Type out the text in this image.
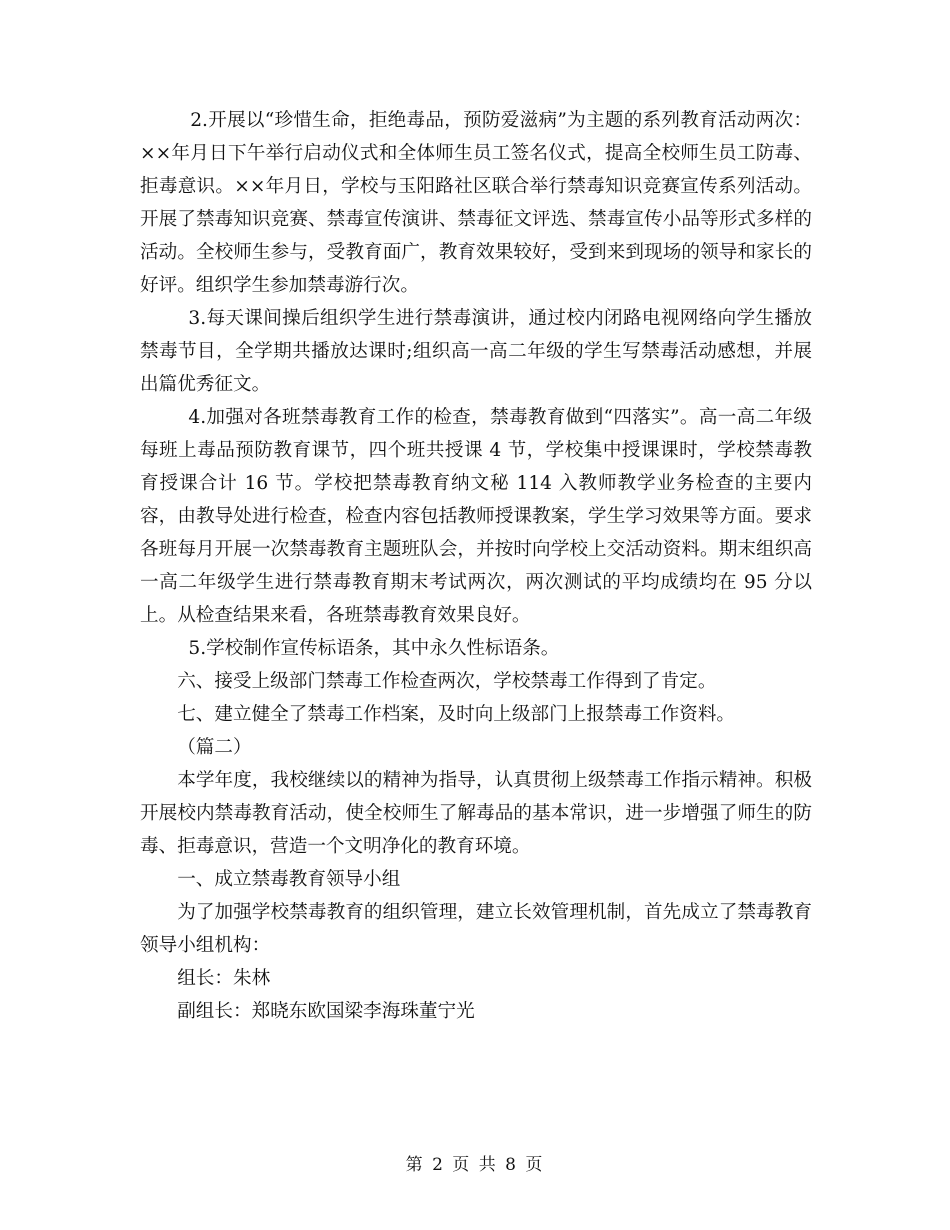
2.开展以“珍惜生命，拒绝毒品，预防爱滋病”为主题的系列教育活动两次：××年月日下午举行启动仪式和全体师生员工签名仪式，提高全校师生员工防毒、拒毒意识。××年月日，学校与玉阳路社区联合举行禁毒知识竞赛宣传系列活动。开展了禁毒知识竞赛、禁毒宣传演讲、禁毒征文评选、禁毒宣传小品等形式多样的活动。全校师生参与，受教育面广，教育效果较好，受到来到现场的领导和家长的好评。组织学生参加禁毒游行次。

3.每天课间操后组织学生进行禁毒演讲，通过校内闭路电视网络向学生播放禁毒节目，全学期共播放达课时;组织高一高二年级的学生写禁毒活动感想，并展出篇优秀征文。

4.加强对各班禁毒教育工作的检查，禁毒教育做到“四落实”。高一高二年级每班上毒品预防教育课节，四个班共授课 4 节，学校集中授课课时，学校禁毒教育授课合计 16 节。学校把禁毒教育纳文秘 114 入教师教学业务检查的主要内容，由教导处进行检查，检查内容包括教师授课教案，学生学习效果等方面。要求各班每月开展一次禁毒教育主题班队会，并按时向学校上交活动资料。期末组织高一高二年级学生进行禁毒教育期末考试两次，两次测试的平均成绩均在 95 分以上。从检查结果来看，各班禁毒教育效果良好。

5.学校制作宣传标语条，其中永久性标语条。

六、接受上级部门禁毒工作检查两次，学校禁毒工作得到了肯定。

七、建立健全了禁毒工作档案，及时向上级部门上报禁毒工作资料。

（篇二）

本学年度，我校继续以的精神为指导，认真贯彻上级禁毒工作指示精神。积极开展校内禁毒教育活动，使全校师生了解毒品的基本常识，进一步增强了师生的防毒、拒毒意识，营造一个文明净化的教育环境。

一、成立禁毒教育领导小组

为了加强学校禁毒教育的组织管理，建立长效管理机制，首先成立了禁毒教育领导小组机构：

组长：朱林

副组长：郑晓东欧国梁李海珠董宁光

第 2 页 共 8 页
